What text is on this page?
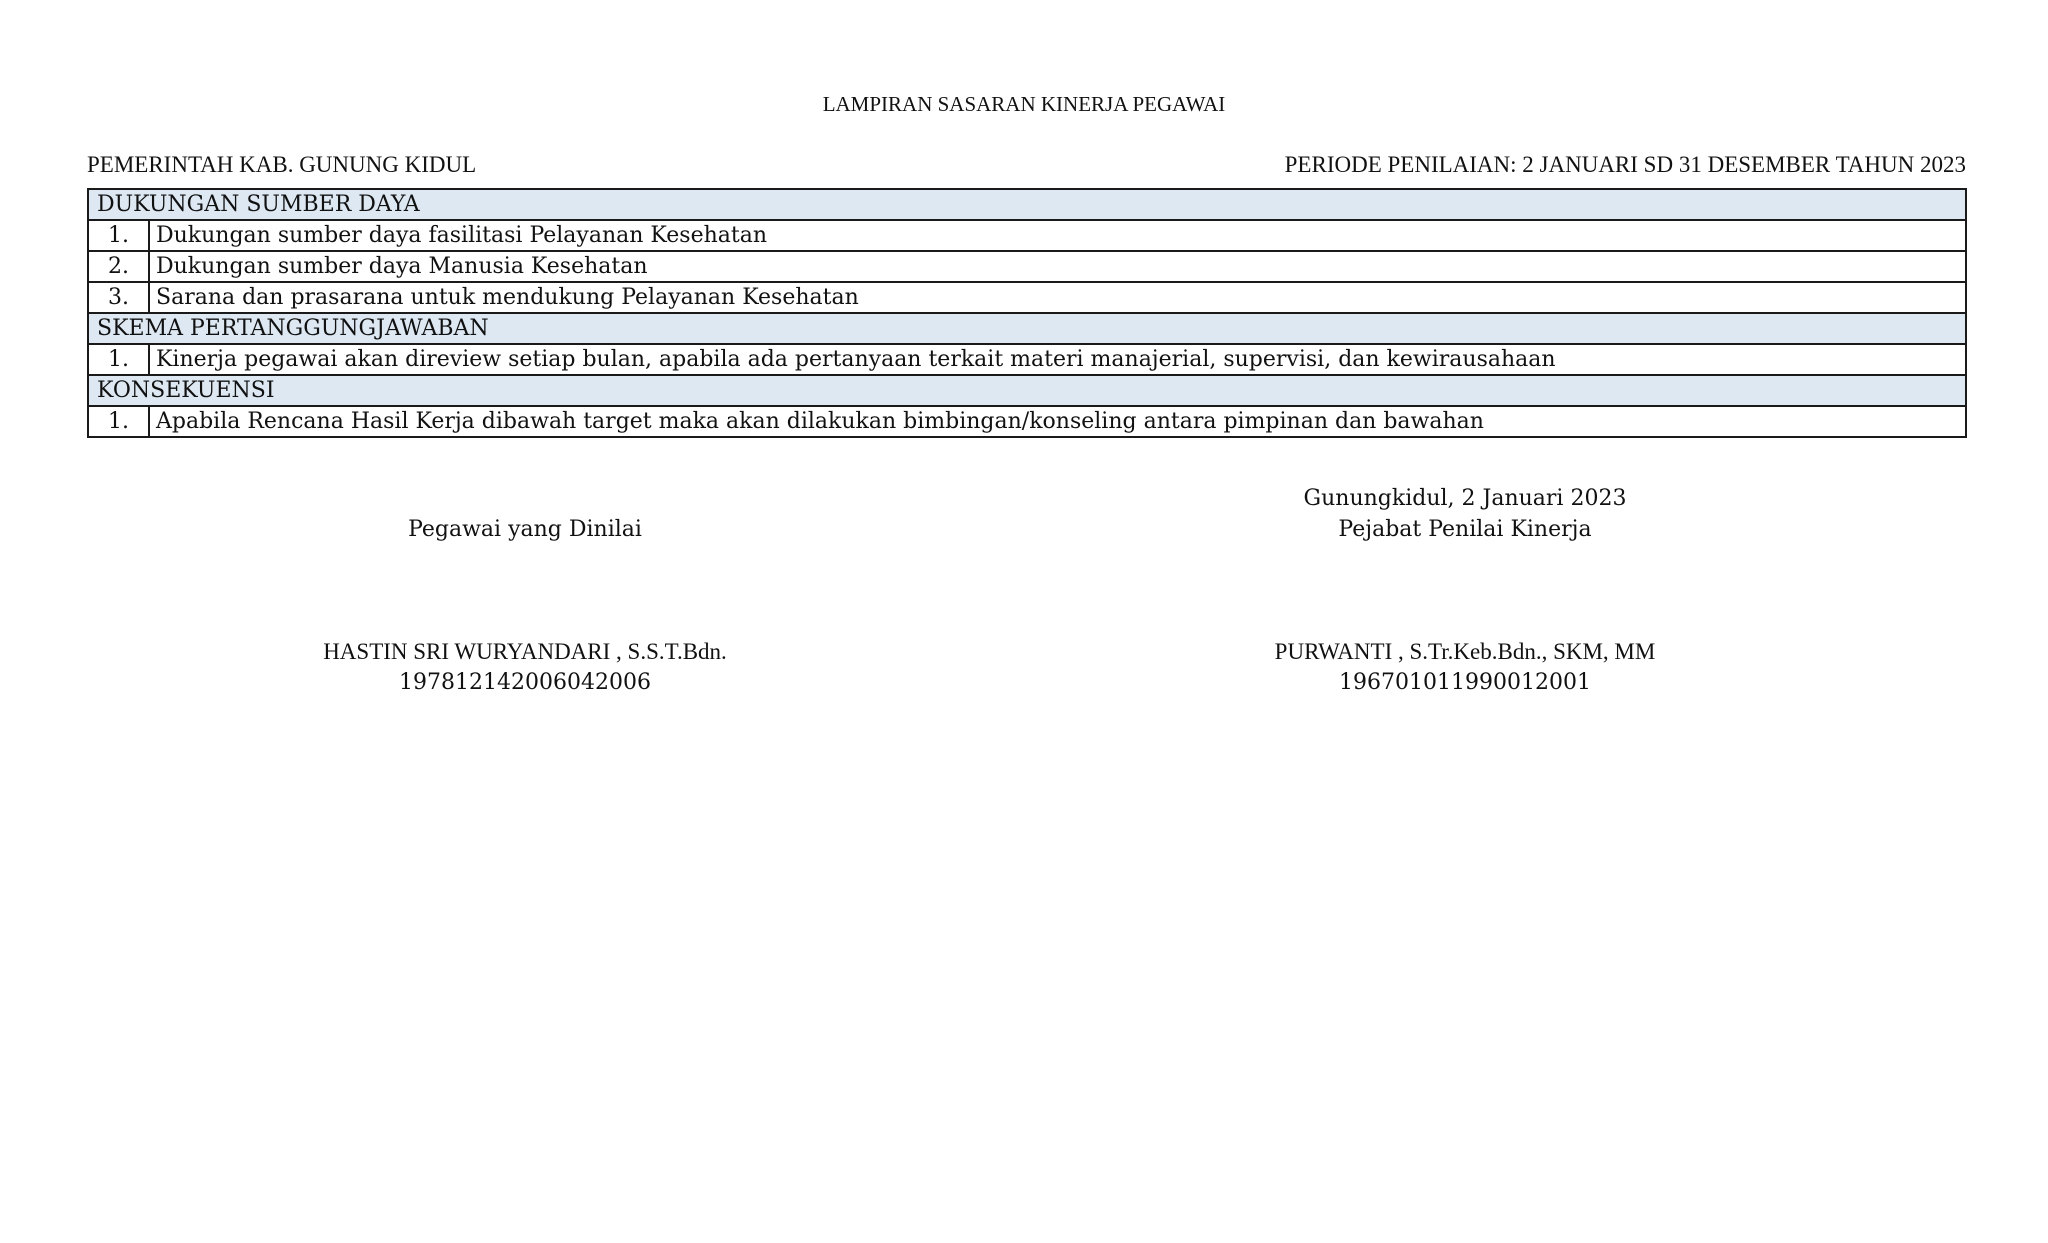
LAMPIRAN SASARAN KINERJA PEGAWAI
PEMERINTAH KAB. GUNUNG KIDUL	PERIODE PENILAIAN: 2 JANUARI SD 31 DESEMBER TAHUN 2023
DUKUNGAN SUMBER DAYA	
1.	Dukungan sumber daya fasilitasi Pelayanan Kesehatan
2.	Dukungan sumber daya Manusia Kesehatan
3.	Sarana dan prasarana untuk mendukung Pelayanan Kesehatan
SKEMA PERTANGGUNGJAWABAN	
1.	Kinerja pegawai akan direview setiap bulan, apabila ada pertanyaan terkait materi manajerial, supervisi, dan kewirausahaan
KONSEKUENSI	
1.	Apabila Rencana Hasil Kerja dibawah target maka akan dilakukan bimbingan/konseling antara pimpinan dan bawahan
Pegawai yang Dinilai
HASTIN SRI WURYANDARI , S.S.T.Bdn.
197812142006042006
Gunungkidul, 2 Januari 2023
Pejabat Penilai Kinerja
PURWANTI , S.Tr.Keb.Bdn., SKM, MM
196701011990012001
